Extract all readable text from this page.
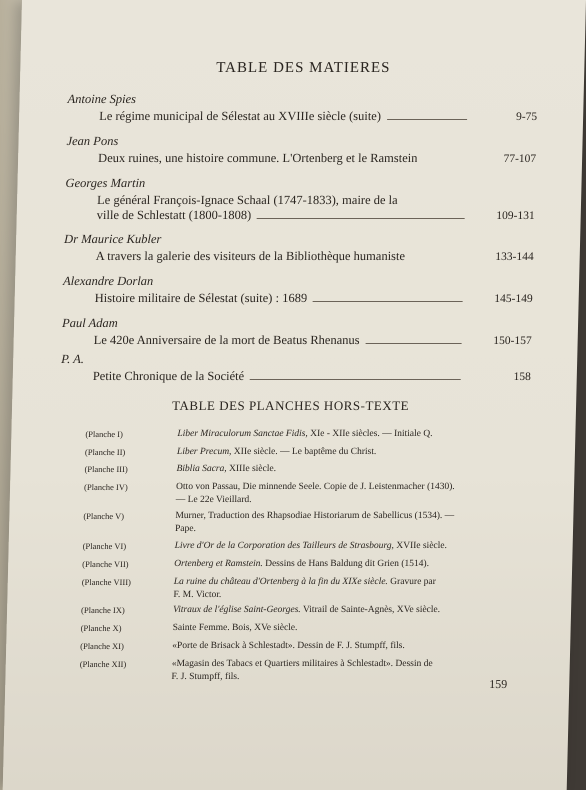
TABLE DES MATIERES
Antoine Spies
Le régime municipal de Sélestat au XVIIIe siècle (suite)	9-75
Jean Pons
Deux ruines, une histoire commune. L'Ortenberg et le Ramstein	77-107
Georges Martin
Le général François-Ignace Schaal (1747-1833), maire de la
ville de Schlestatt (1800-1808)	109-131
Dr Maurice Kubler
A travers la galerie des visiteurs de la Bibliothèque humaniste	133-144
Alexandre Dorlan
Histoire militaire de Sélestat (suite) : 1689	145-149
Paul Adam
Le 420e Anniversaire de la mort de Beatus Rhenanus	150-157
P. A.
Petite Chronique de la Société	158
TABLE DES PLANCHES HORS-TEXTE
(Planche I)	Liber Miraculorum Sanctae Fidis, XIe - XIIe siècles. — Initiale Q.
(Planche II)	Liber Precum, XIIe siècle. — Le baptême du Christ.
(Planche III)	Biblia Sacra, XIIIe siècle.
(Planche IV)	Otto von Passau, Die minnende Seele. Copie de J. Leistenmacher (1430).
— Le 22e Vieillard.
(Planche V)	Murner, Traduction des Rhapsodiae Historiarum de Sabellicus (1534). —
Pape.
(Planche VI)	Livre d'Or de la Corporation des Tailleurs de Strasbourg, XVIIe siècle.
(Planche VII)	Ortenberg et Ramstein. Dessins de Hans Baldung dit Grien (1514).
(Planche VIII)	La ruine du château d'Ortenberg à la fin du XIXe siècle. Gravure par
F. M. Victor.
(Planche IX)	Vitraux de l'église Saint-Georges. Vitrail de Sainte-Agnès, XVe siècle.
(Planche X)	Sainte Femme. Bois, XVe siècle.
(Planche XI)	«Porte de Brisack à Schlestadt». Dessin de F. J. Stumpff, fils.
(Planche XII)	«Magasin des Tabacs et Quartiers militaires à Schlestadt». Dessin de
F. J. Stumpff, fils.	159
